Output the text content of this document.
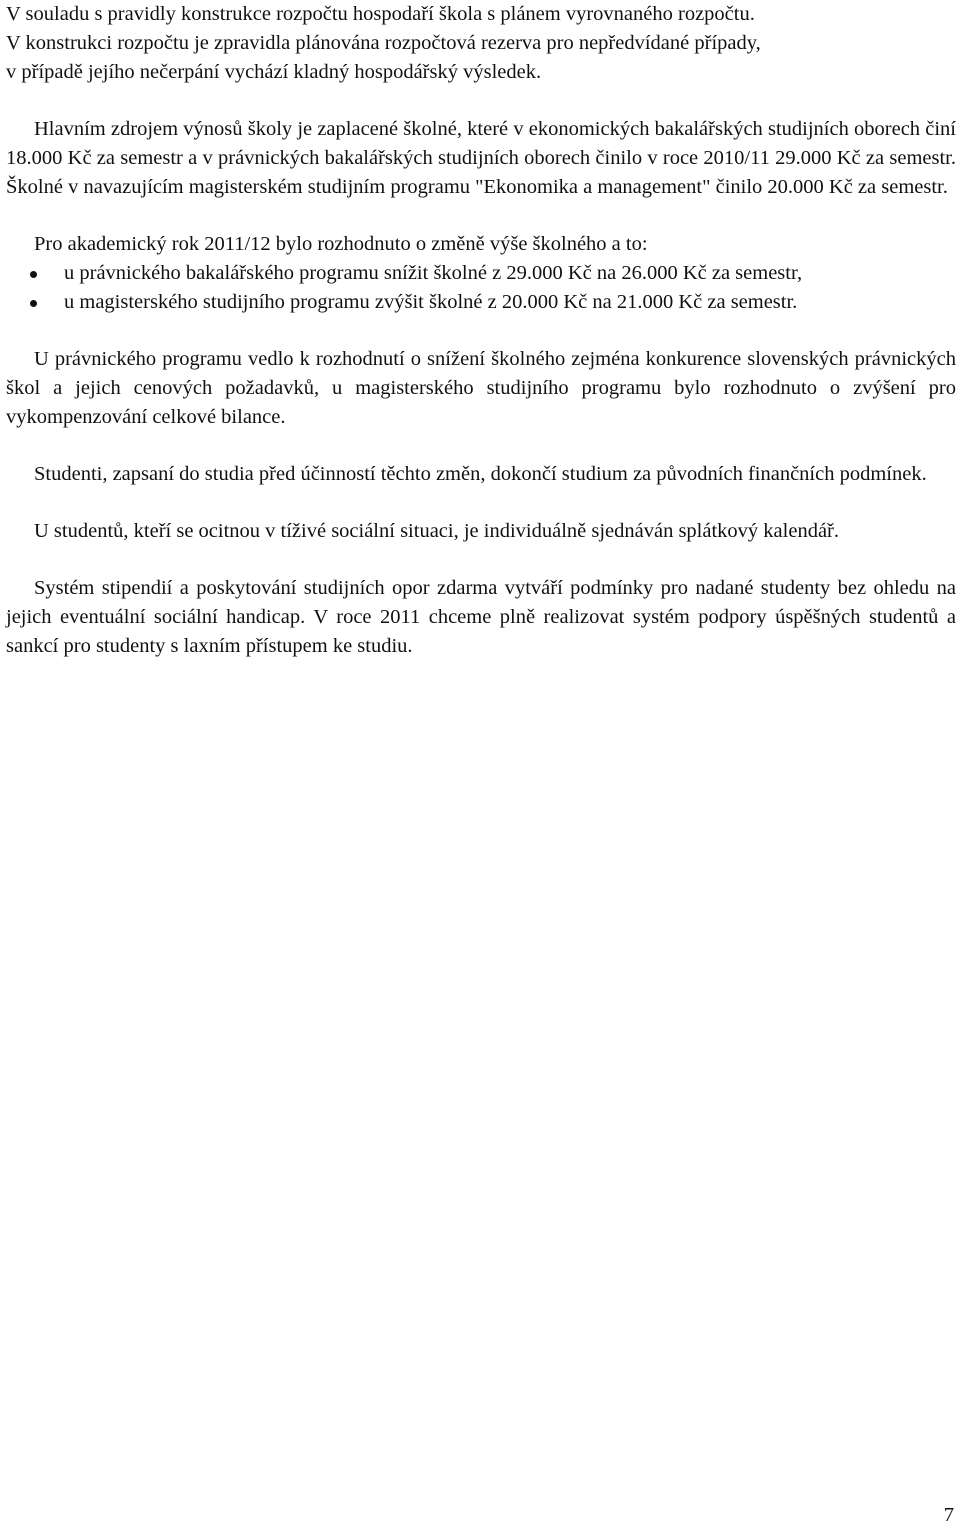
V souladu s pravidly konstrukce rozpočtu hospodaří škola s plánem vyrovnaného rozpočtu.
V konstrukci rozpočtu je zpravidla plánována rozpočtová rezerva pro nepředvídané případy,
v případě jejího nečerpání vychází kladný hospodářský výsledek.

Hlavním zdrojem výnosů školy je zaplacené školné, které v ekonomických bakalářských studijních oborech činí 18.000 Kč za semestr a v právnických bakalářských studijních oborech činilo v roce 2010/11 29.000 Kč za semestr. Školné v navazujícím magisterském studijním programu "Ekonomika a management" činilo 20.000 Kč za semestr.

Pro akademický rok 2011/12 bylo rozhodnuto o změně výše školného a to:

u právnického bakalářského programu snížit školné z 29.000 Kč na 26.000 Kč za semestr,
u magisterského studijního programu zvýšit školné z 20.000 Kč na 21.000 Kč za semestr.

U právnického programu vedlo k rozhodnutí o snížení školného zejména konkurence slovenských právnických škol a jejich cenových požadavků, u magisterského studijního programu bylo rozhodnuto o zvýšení pro vykompenzování celkové bilance.

Studenti, zapsaní do studia před účinností těchto změn, dokončí studium za původních finančních podmínek.

U studentů, kteří se ocitnou v tíživé sociální situaci, je individuálně sjednáván splátkový kalendář.

Systém stipendií a poskytování studijních opor zdarma vytváří podmínky pro nadané studenty bez ohledu na jejich eventuální sociální handicap. V roce 2011 chceme plně realizovat systém podpory úspěšných studentů a sankcí pro studenty s laxním přístupem ke studiu.

7
